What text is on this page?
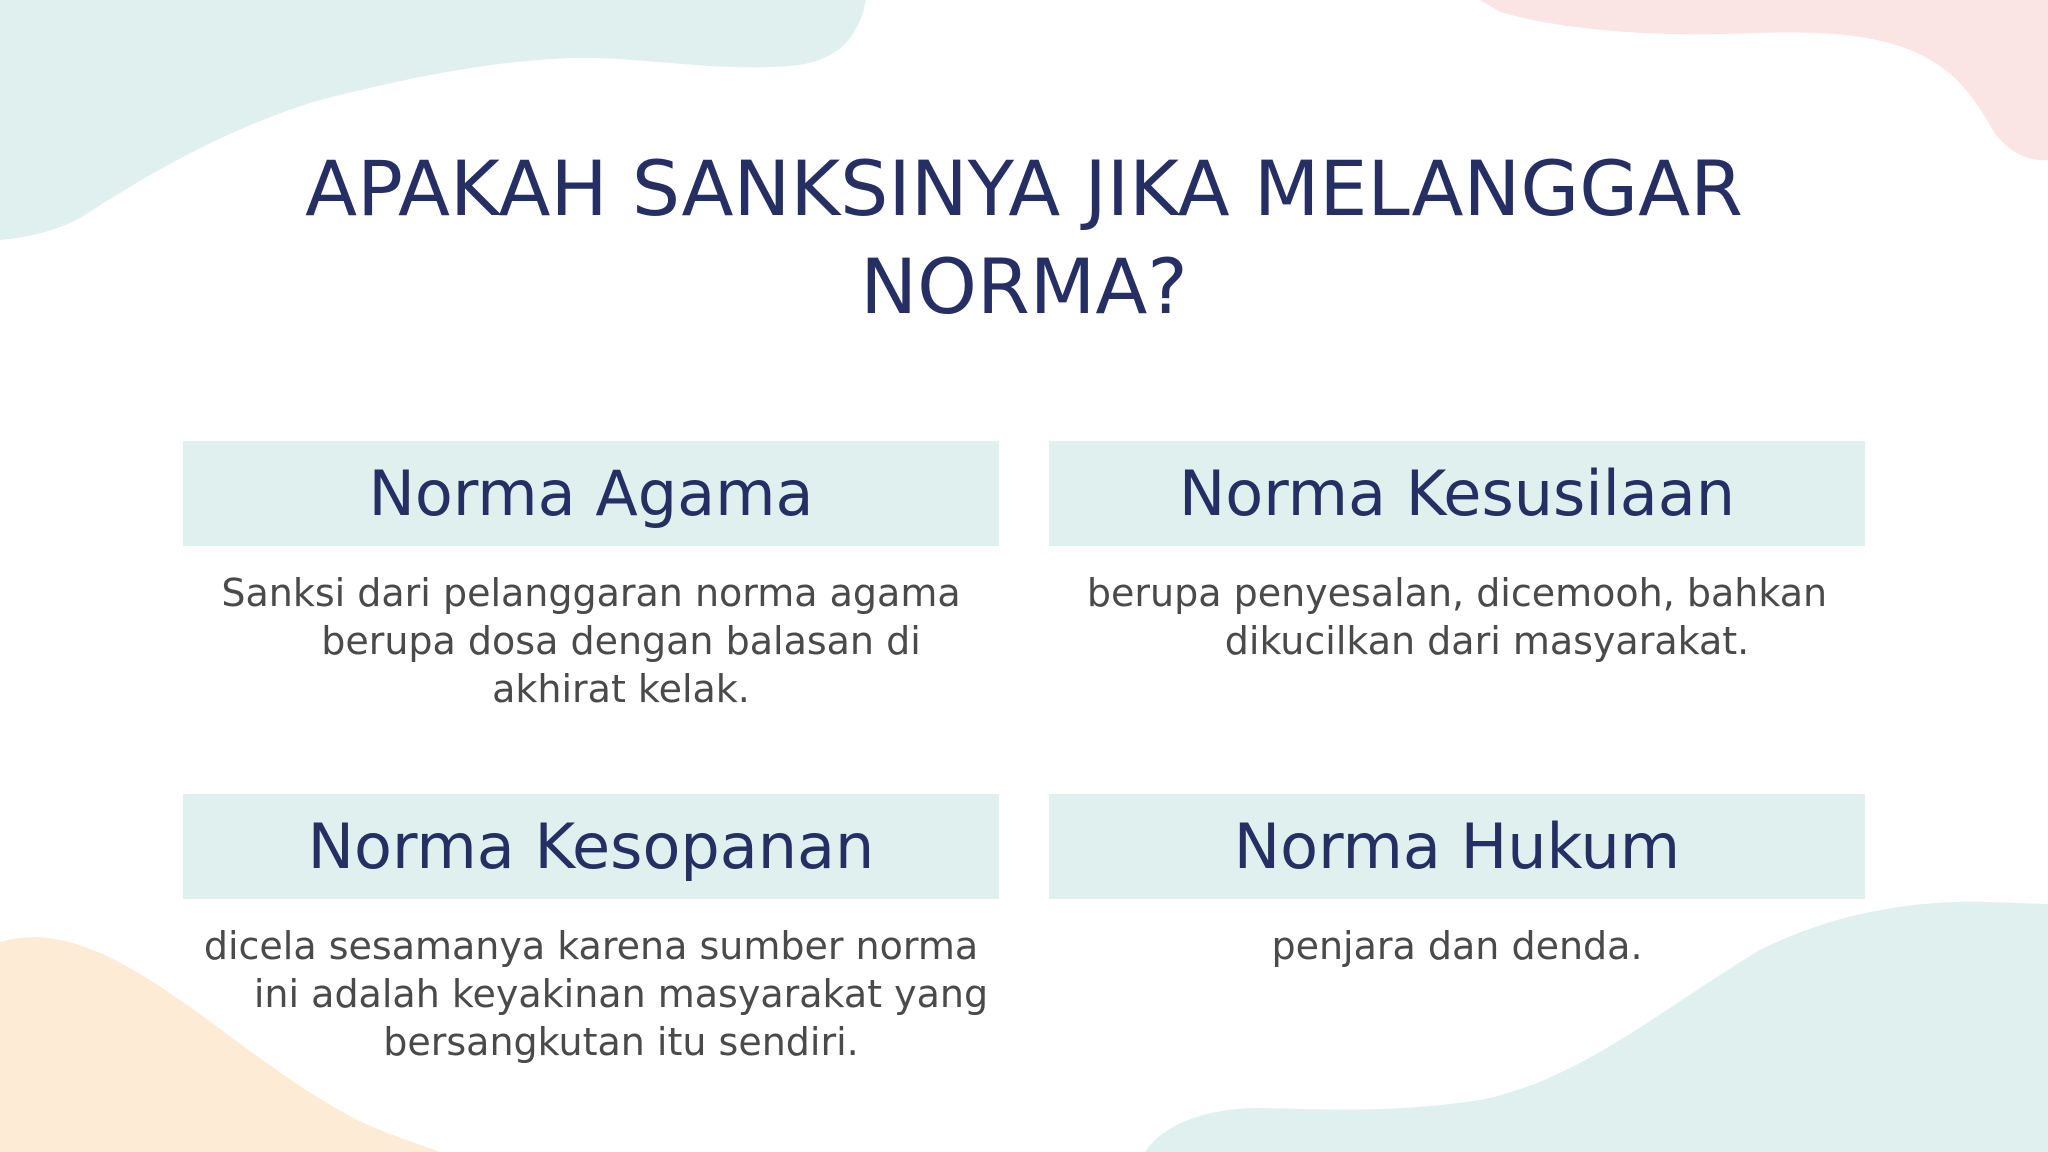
APAKAH SANKSINYA JIKA MELANGGAR NORMA?
Norma Agama
Sanksi dari pelanggaran norma agama berupa dosa dengan balasan di akhirat kelak.
Norma Kesusilaan
berupa penyesalan, dicemooh, bahkan dikucilkan dari masyarakat.
Norma Kesopanan
dicela sesamanya karena sumber norma ini adalah keyakinan masyarakat yang bersangkutan itu sendiri.
Norma Hukum
penjara dan denda.
